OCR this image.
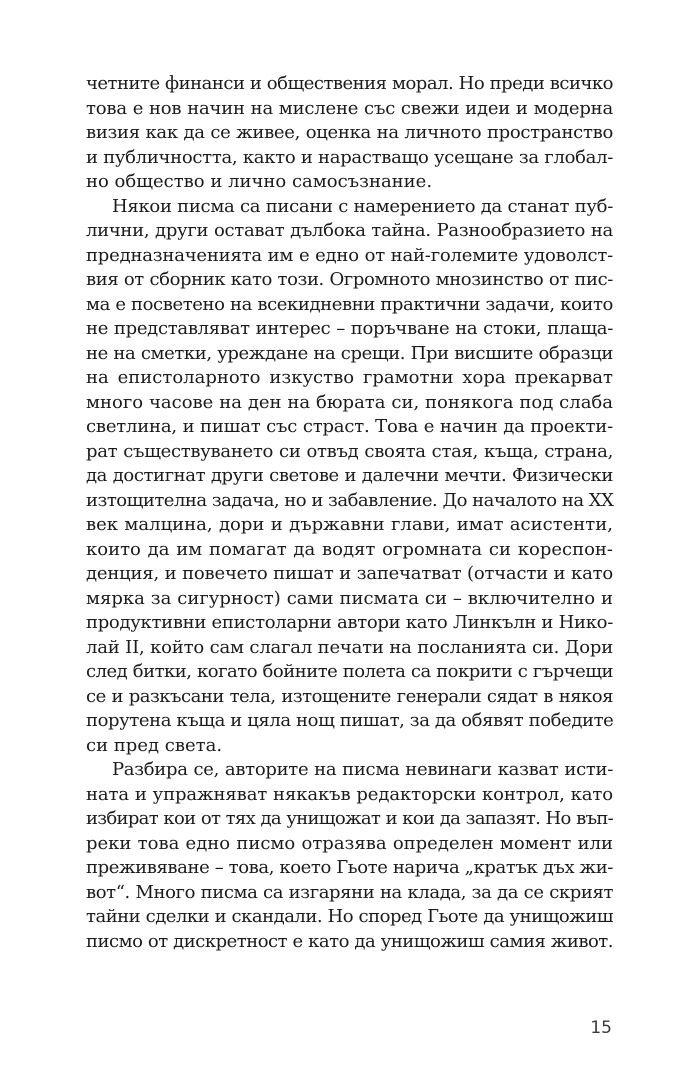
четните финанси и обществения морал. Но преди всичко
това е нов начин на мислене със свежи идеи и модерна
визия как да се живее, оценка на личното пространство
и публичността, както и нарастващо усещане за глобал-
но общество и лично самосъзнание.

Някои писма са писани с намерението да станат пуб-
лични, други остават дълбока тайна. Разнообразието на
предназначенията им е едно от най-големите удоволст-
вия от сборник като този. Огромното мнозинство от пис-
ма е посветено на всекидневни практични задачи, които
не представляват интерес – поръчване на стоки, плаща-
не на сметки, уреждане на срещи. При висшите образци
на епистоларното изкуство грамотни хора прекарват
много часове на ден на бюрата си, понякога под слаба
светлина, и пишат със страст. Това е начин да проекти-
рат съществуването си отвъд своята стая, къща, страна,
да достигнат други светове и далечни мечти. Физически
изтощителна задача, но и забавление. До началото на XX
век малцина, дори и държавни глави, имат асистенти,
които да им помагат да водят огромната си кореспон-
денция, и повечето пишат и запечатват (отчасти и като
мярка за сигурност) сами писмата си – включително и
продуктивни епистоларни автори като Линкълн и Нико-
лай II, който сам слагал печати на посланията си. Дори
след битки, когато бойните полета са покрити с гърчещи
се и разкъсани тела, изтощените генерали сядат в някоя
порутена къща и цяла нощ пишат, за да обявят победите
си пред света.

Разбира се, авторите на писма невинаги казват исти-
ната и упражняват някакъв редакторски контрол, като
избират кои от тях да унищожат и кои да запазят. Но въп-
реки това едно писмо отразява определен момент или
преживяване – това, което Гьоте нарича „кратък дъх жи-
вот“. Много писма са изгаряни на клада, за да се скрият
тайни сделки и скандали. Но според Гьоте да унищожиш
писмо от дискретност е като да унищожиш самия живот.

15
